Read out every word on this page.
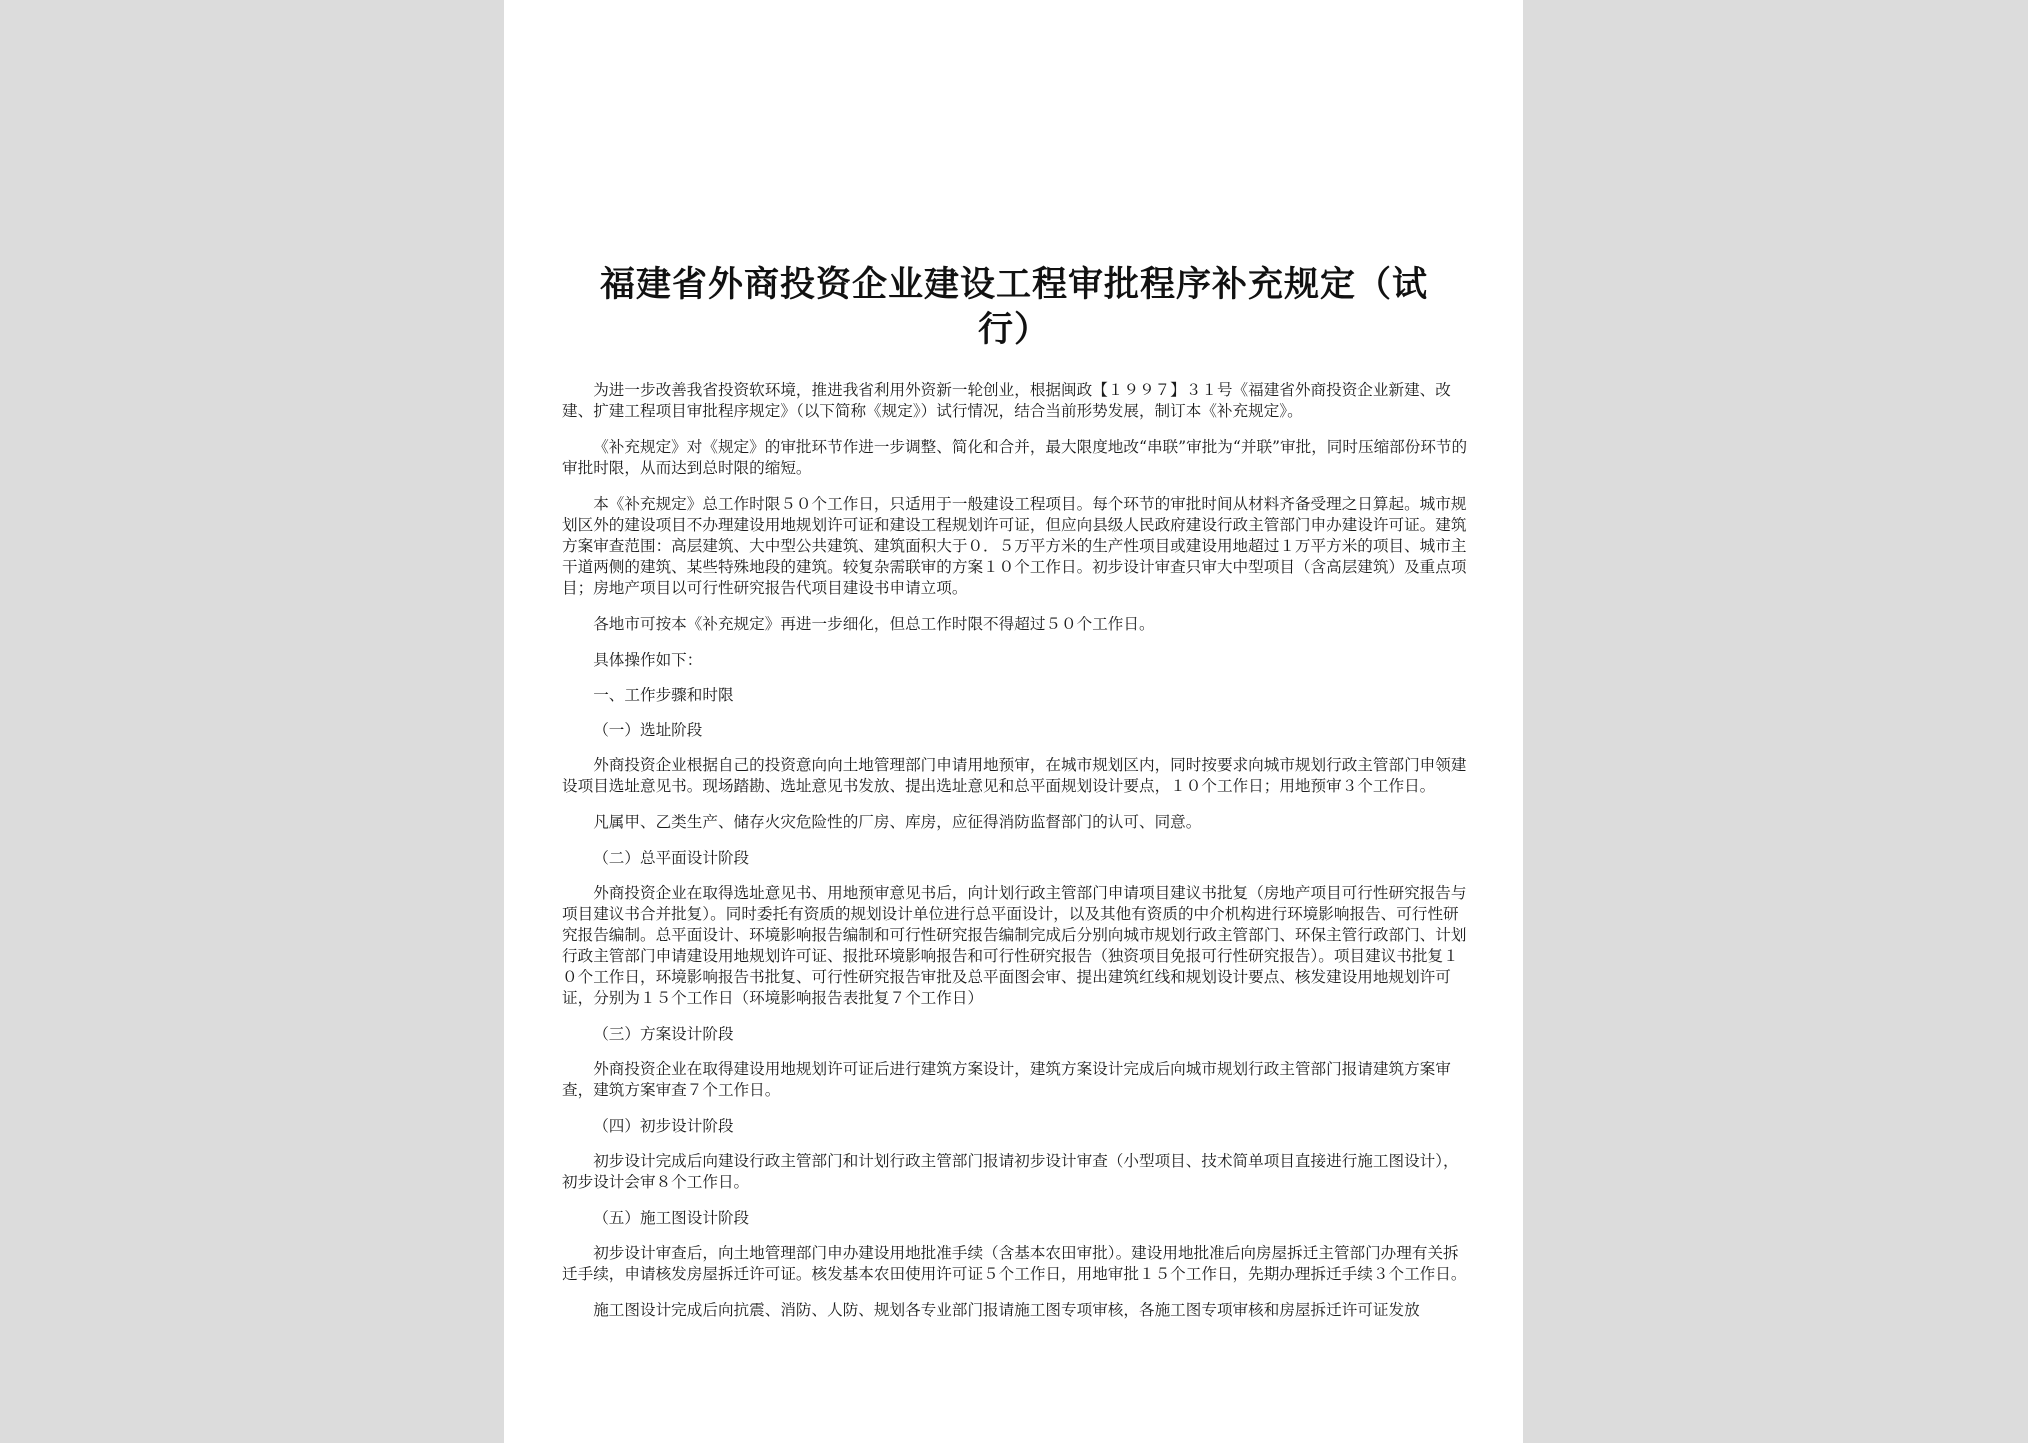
福建省外商投资企业建设工程审批程序补充规定（试行）

为进一步改善我省投资软环境，推进我省利用外资新一轮创业，根据闽政【１９９７】３１号《福建省外商投资企业新建、改建、扩建工程项目审批程序规定》（以下简称《规定》）试行情况，结合当前形势发展，制订本《补充规定》。

《补充规定》对《规定》的审批环节作进一步调整、简化和合并，最大限度地改“串联”审批为“并联”审批，同时压缩部份环节的审批时限，从而达到总时限的缩短。

本《补充规定》总工作时限５０个工作日，只适用于一般建设工程项目。每个环节的审批时间从材料齐备受理之日算起。城市规划区外的建设项目不办理建设用地规划许可证和建设工程规划许可证，但应向县级人民政府建设行政主管部门申办建设许可证。建筑方案审查范围：高层建筑、大中型公共建筑、建筑面积大于０．５万平方米的生产性项目或建设用地超过１万平方米的项目、城市主干道两侧的建筑、某些特殊地段的建筑。较复杂需联审的方案１０个工作日。初步设计审查只审大中型项目（含高层建筑）及重点项目；房地产项目以可行性研究报告代项目建设书申请立项。

各地市可按本《补充规定》再进一步细化，但总工作时限不得超过５０个工作日。

具体操作如下：

一、工作步骤和时限

（一）选址阶段

外商投资企业根据自己的投资意向向土地管理部门申请用地预审，在城市规划区内，同时按要求向城市规划行政主管部门申领建设项目选址意见书。现场踏勘、选址意见书发放、提出选址意见和总平面规划设计要点，１０个工作日；用地预审３个工作日。

凡属甲、乙类生产、储存火灾危险性的厂房、库房，应征得消防监督部门的认可、同意。

（二）总平面设计阶段

外商投资企业在取得选址意见书、用地预审意见书后，向计划行政主管部门申请项目建议书批复（房地产项目可行性研究报告与项目建议书合并批复）。同时委托有资质的规划设计单位进行总平面设计，以及其他有资质的中介机构进行环境影响报告、可行性研究报告编制。总平面设计、环境影响报告编制和可行性研究报告编制完成后分别向城市规划行政主管部门、环保主管行政部门、计划行政主管部门申请建设用地规划许可证、报批环境影响报告和可行性研究报告（独资项目免报可行性研究报告）。项目建议书批复１０个工作日，环境影响报告书批复、可行性研究报告审批及总平面图会审、提出建筑红线和规划设计要点、核发建设用地规划许可证，分别为１５个工作日（环境影响报告表批复７个工作日）

（三）方案设计阶段

外商投资企业在取得建设用地规划许可证后进行建筑方案设计，建筑方案设计完成后向城市规划行政主管部门报请建筑方案审查，建筑方案审查７个工作日。

（四）初步设计阶段

初步设计完成后向建设行政主管部门和计划行政主管部门报请初步设计审查（小型项目、技术简单项目直接进行施工图设计），初步设计会审８个工作日。

（五）施工图设计阶段

初步设计审查后，向土地管理部门申办建设用地批准手续（含基本农田审批）。建设用地批准后向房屋拆迁主管部门办理有关拆迁手续，申请核发房屋拆迁许可证。核发基本农田使用许可证５个工作日，用地审批１５个工作日，先期办理拆迁手续３个工作日。

施工图设计完成后向抗震、消防、人防、规划各专业部门报请施工图专项审核，各施工图专项审核和房屋拆迁许可证发放
